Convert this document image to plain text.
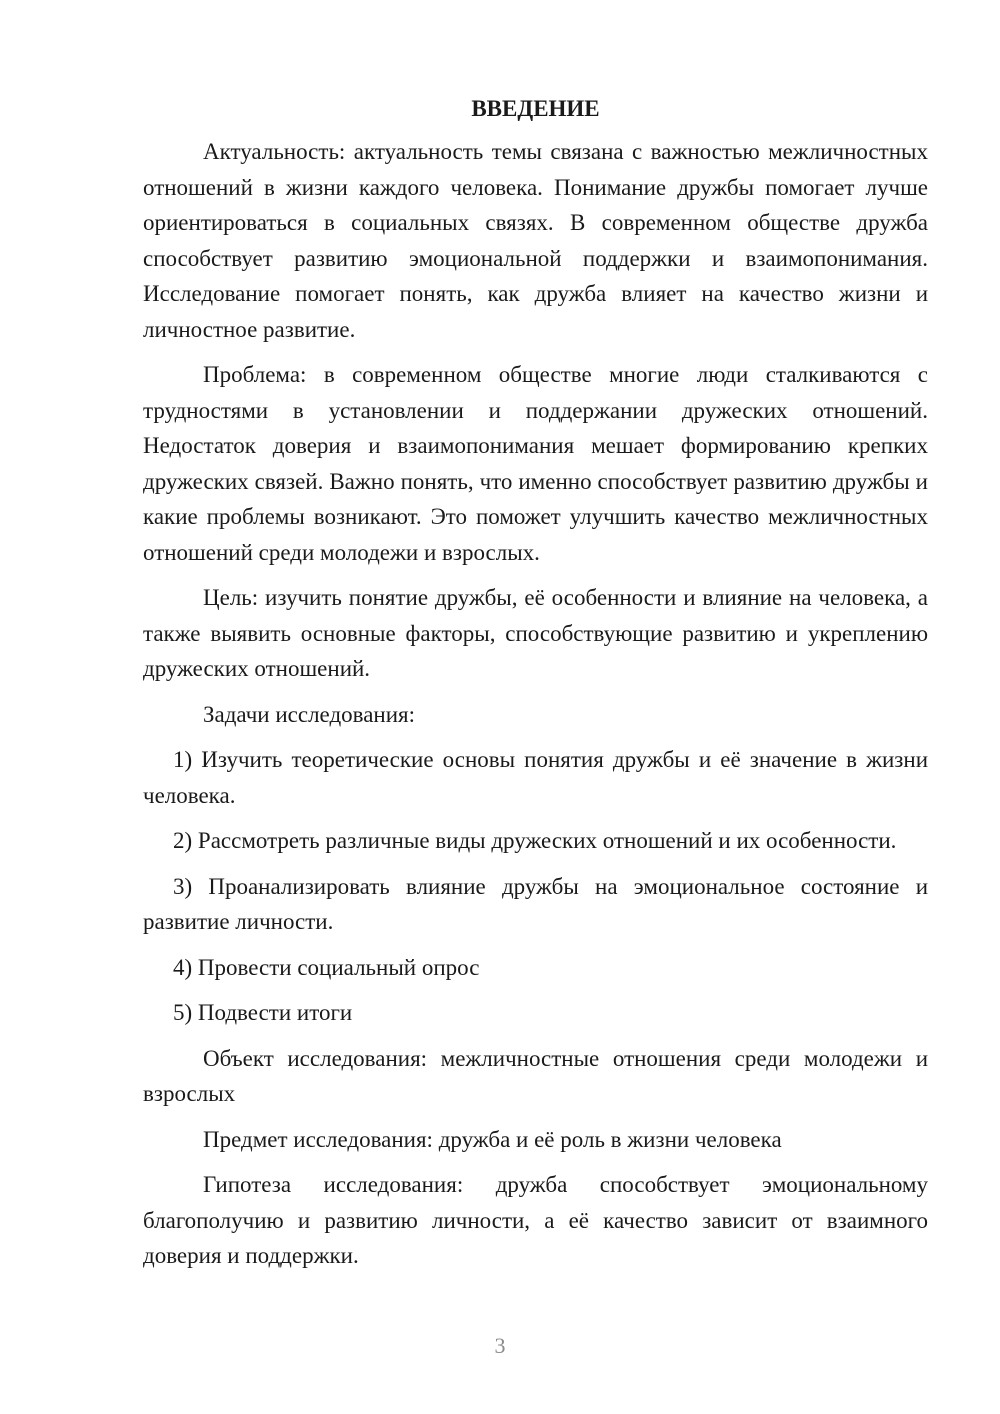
ВВЕДЕНИЕ

Актуальность: актуальность темы связана с важностью межличностных отношений в жизни каждого человека. Понимание дружбы помогает лучше ориентироваться в социальных связях. В современном обществе дружба способствует развитию эмоциональной поддержки и взаимопонимания. Исследование помогает понять, как дружба влияет на качество жизни и личностное развитие.

Проблема: в современном обществе многие люди сталкиваются с трудностями в установлении и поддержании дружеских отношений. Недостаток доверия и взаимопонимания мешает формированию крепких дружеских связей. Важно понять, что именно способствует развитию дружбы и какие проблемы возникают. Это поможет улучшить качество межличностных отношений среди молодежи и взрослых.

Цель: изучить понятие дружбы, её особенности и влияние на человека, а также выявить основные факторы, способствующие развитию и укреплению дружеских отношений.

Задачи исследования:

1) Изучить теоретические основы понятия дружбы и её значение в жизни человека.

2) Рассмотреть различные виды дружеских отношений и их особенности.

3) Проанализировать влияние дружбы на эмоциональное состояние и развитие личности.

4) Провести социальный опрос

5) Подвести итоги

Объект исследования: межличностные отношения среди молодежи и взрослых

Предмет исследования: дружба и её роль в жизни человека

Гипотеза исследования: дружба способствует эмоциональному благополучию и развитию личности, а её качество зависит от взаимного доверия и поддержки.

3
